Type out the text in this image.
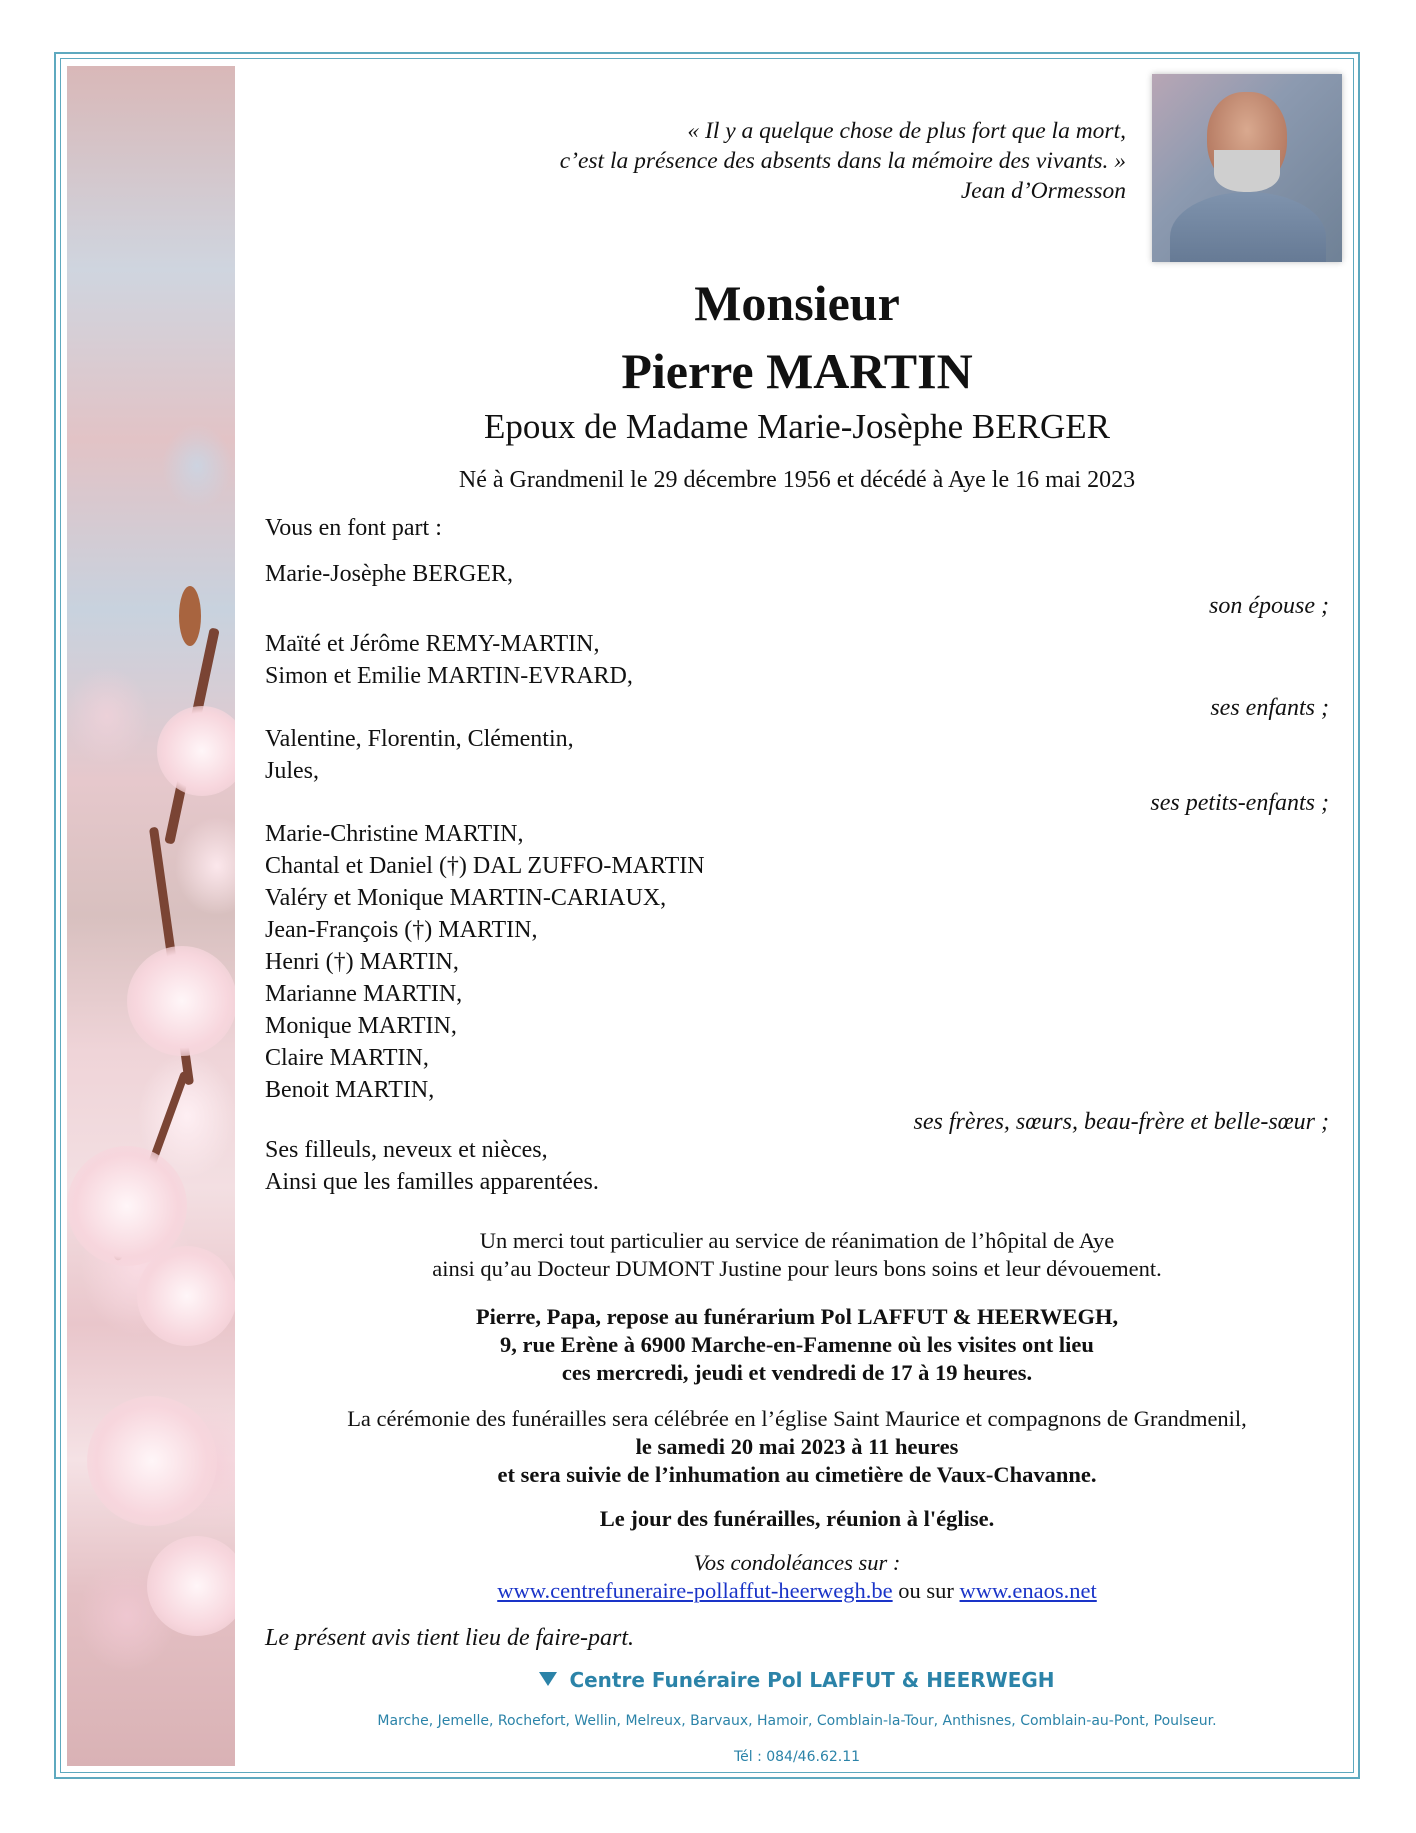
« Il y a quelque chose de plus fort que la mort,
c’est la présence des absents dans la mémoire des vivants. »
Jean d’Ormesson
Monsieur
Pierre MARTIN
Epoux de Madame Marie-Josèphe BERGER
Né à Grandmenil le 29 décembre 1956 et décédé à Aye le 16 mai 2023
Vous en font part :
Marie-Josèphe BERGER,
son épouse ;
Maïté et Jérôme REMY-MARTIN,
Simon et Emilie MARTIN-EVRARD,
ses enfants ;
Valentine, Florentin, Clémentin,
Jules,
ses petits-enfants ;
Marie-Christine MARTIN,
Chantal et Daniel (†) DAL ZUFFO-MARTIN
Valéry et Monique MARTIN-CARIAUX,
Jean-François (†) MARTIN,
Henri (†) MARTIN,
Marianne MARTIN,
Monique MARTIN,
Claire MARTIN,
Benoit MARTIN,
ses frères, sœurs, beau-frère et belle-sœur ;
Ses filleuls, neveux et nièces,
Ainsi que les familles apparentées.
Un merci tout particulier au service de réanimation de l’hôpital de Aye
ainsi qu’au Docteur DUMONT Justine pour leurs bons soins et leur dévouement.
Pierre, Papa, repose au funérarium Pol LAFFUT & HEERWEGH,
9, rue Erène à 6900 Marche-en-Famenne où les visites ont lieu
ces mercredi, jeudi et vendredi de 17 à 19 heures.
La cérémonie des funérailles sera célébrée en l’église Saint Maurice et compagnons de Grandmenil,
le samedi 20 mai 2023 à 11 heures
et sera suivie de l’inhumation au cimetière de Vaux-Chavanne.
Le jour des funérailles, réunion à l'église.
Vos condoléances sur :
www.centrefuneraire-pollaffut-heerwegh.be ou sur www.enaos.net
Le présent avis tient lieu de faire-part.
Centre Funéraire Pol LAFFUT & HEERWEGH
Marche, Jemelle, Rochefort, Wellin, Melreux, Barvaux, Hamoir, Comblain-la-Tour, Anthisnes, Comblain-au-Pont, Poulseur.
Tél : 084/46.62.11
